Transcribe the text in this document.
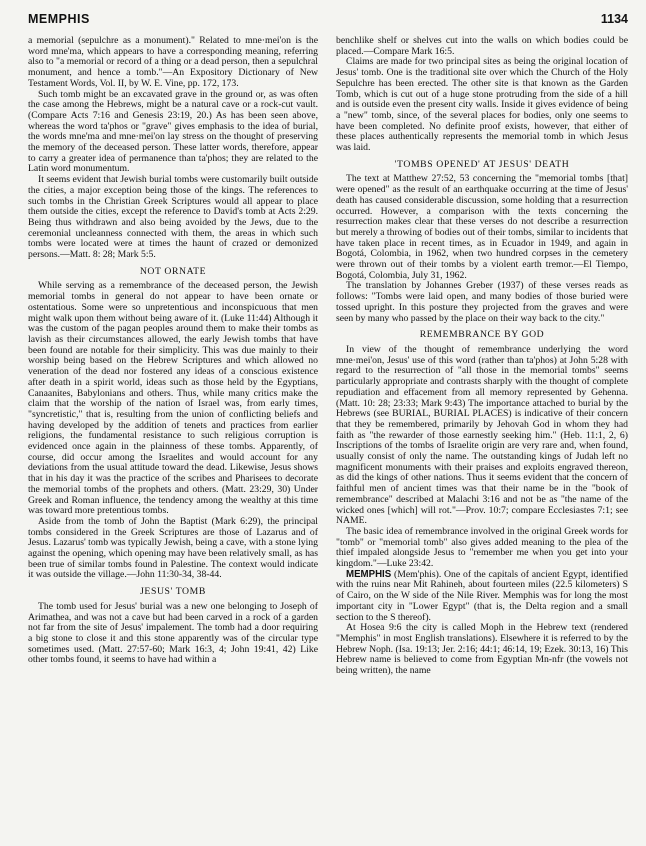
MEMPHIS	1134

a memorial (sepulchre as a monument)." Related to mne·mei'on is the word mne'ma, which appears to have a corresponding meaning, referring also to "a memorial or record of a thing or a dead person, then a sepulchral monument, and hence a tomb."—An Expository Dictionary of New Testament Words, Vol. II, by W. E. Vine, pp. 172, 173.

Such tomb might be an excavated grave in the ground or, as was often the case among the Hebrews, might be a natural cave or a rock-cut vault. (Compare Acts 7:16 and Genesis 23:19, 20.) As has been seen above, whereas the word ta'phos or "grave" gives emphasis to the idea of burial, the words mne'ma and mne·mei'on lay stress on the thought of preserving the memory of the deceased person. These latter words, therefore, appear to carry a greater idea of permanence than ta'phos; they are related to the Latin word monumentum.

It seems evident that Jewish burial tombs were customarily built outside the cities, a major exception being those of the kings. The references to such tombs in the Christian Greek Scriptures would all appear to place them outside the cities, except the reference to David's tomb at Acts 2:29. Being thus withdrawn and also being avoided by the Jews, due to the ceremonial uncleanness connected with them, the areas in which such tombs were located were at times the haunt of crazed or demonized persons.—Matt. 8: 28; Mark 5:5.

NOT ORNATE

While serving as a remembrance of the deceased person, the Jewish memorial tombs in general do not appear to have been ornate or ostentatious. Some were so unpretentious and inconspicuous that men might walk upon them without being aware of it. (Luke 11:44) Although it was the custom of the pagan peoples around them to make their tombs as lavish as their circumstances allowed, the early Jewish tombs that have been found are notable for their simplicity. This was due mainly to their worship being based on the Hebrew Scriptures and which allowed no veneration of the dead nor fostered any ideas of a conscious existence after death in a spirit world, ideas such as those held by the Egyptians, Canaanites, Babylonians and others. Thus, while many critics make the claim that the worship of the nation of Israel was, from early times, "syncretistic," that is, resulting from the union of conflicting beliefs and having developed by the addition of tenets and practices from earlier religions, the fundamental resistance to such religious corruption is evidenced once again in the plainness of these tombs. Apparently, of course, did occur among the Israelites and would account for any deviations from the usual attitude toward the dead. Likewise, Jesus shows that in his day it was the practice of the scribes and Pharisees to decorate the memorial tombs of the prophets and others. (Matt. 23:29, 30) Under Greek and Roman influence, the tendency among the wealthy at this time was toward more pretentious tombs.

Aside from the tomb of John the Baptist (Mark 6:29), the principal tombs considered in the Greek Scriptures are those of Lazarus and of Jesus. Lazarus' tomb was typically Jewish, being a cave, with a stone lying against the opening, which opening may have been relatively small, as has been true of similar tombs found in Palestine. The context would indicate it was outside the village.—John 11:30-34, 38-44.

JESUS' TOMB

The tomb used for Jesus' burial was a new one belonging to Joseph of Arimathea, and was not a cave but had been carved in a rock of a garden not far from the site of Jesus' impalement. The tomb had a door requiring a big stone to close it and this stone apparently was of the circular type sometimes used. (Matt. 27:57-60; Mark 16:3, 4; John 19:41, 42) Like other tombs found, it seems to have had within a

benchlike shelf or shelves cut into the walls on which bodies could be placed.—Compare Mark 16:5.

Claims are made for two principal sites as being the original location of Jesus' tomb. One is the traditional site over which the Church of the Holy Sepulchre has been erected. The other site is that known as the Garden Tomb, which is cut out of a huge stone protruding from the side of a hill and is outside even the present city walls. Inside it gives evidence of being a "new" tomb, since, of the several places for bodies, only one seems to have been completed. No definite proof exists, however, that either of these places authentically represents the memorial tomb in which Jesus was laid.

'TOMBS OPENED' AT JESUS' DEATH

The text at Matthew 27:52, 53 concerning the "memorial tombs [that] were opened" as the result of an earthquake occurring at the time of Jesus' death has caused considerable discussion, some holding that a resurrection occurred. However, a comparison with the texts concerning the resurrection makes clear that these verses do not describe a resurrection but merely a throwing of bodies out of their tombs, similar to incidents that have taken place in recent times, as in Ecuador in 1949, and again in Bogotá, Colombia, in 1962, when two hundred corpses in the cemetery were thrown out of their tombs by a violent earth tremor.—El Tiempo, Bogotá, Colombia, July 31, 1962.

The translation by Johannes Greber (1937) of these verses reads as follows: "Tombs were laid open, and many bodies of those buried were tossed upright. In this posture they projected from the graves and were seen by many who passed by the place on their way back to the city."

REMEMBRANCE BY GOD

In view of the thought of remembrance underlying the word mne·mei'on, Jesus' use of this word (rather than ta'phos) at John 5:28 with regard to the resurrection of "all those in the memorial tombs" seems particularly appropriate and contrasts sharply with the thought of complete repudiation and effacement from all memory represented by Gehenna. (Matt. 10: 28; 23:33; Mark 9:43) The importance attached to burial by the Hebrews (see BURIAL, BURIAL PLACES) is indicative of their concern that they be remembered, primarily by Jehovah God in whom they had faith as "the rewarder of those earnestly seeking him." (Heb. 11:1, 2, 6) Inscriptions of the tombs of Israelite origin are very rare and, when found, usually consist of only the name. The outstanding kings of Judah left no magnificent monuments with their praises and exploits engraved thereon, as did the kings of other nations. Thus it seems evident that the concern of faithful men of ancient times was that their name be in the "book of remembrance" described at Malachi 3:16 and not be as "the name of the wicked ones [which] will rot."—Prov. 10:7; compare Ecclesiastes 7:1; see NAME.

The basic idea of remembrance involved in the original Greek words for "tomb" or "memorial tomb" also gives added meaning to the plea of the thief impaled alongside Jesus to "remember me when you get into your kingdom."—Luke 23:42.

MEMPHIS (Mem'phis). One of the capitals of ancient Egypt, identified with the ruins near Mit Rahineh, about fourteen miles (22.5 kilometers) S of Cairo, on the W side of the Nile River. Memphis was for long the most important city in "Lower Egypt" (that is, the Delta region and a small section to the S thereof).

At Hosea 9:6 the city is called Moph in the Hebrew text (rendered "Memphis" in most English translations). Elsewhere it is referred to by the Hebrew Noph. (Isa. 19:13; Jer. 2:16; 44:1; 46:14, 19; Ezek. 30:13, 16) This Hebrew name is believed to come from Egyptian Mn-nfr (the vowels not being written), the name
